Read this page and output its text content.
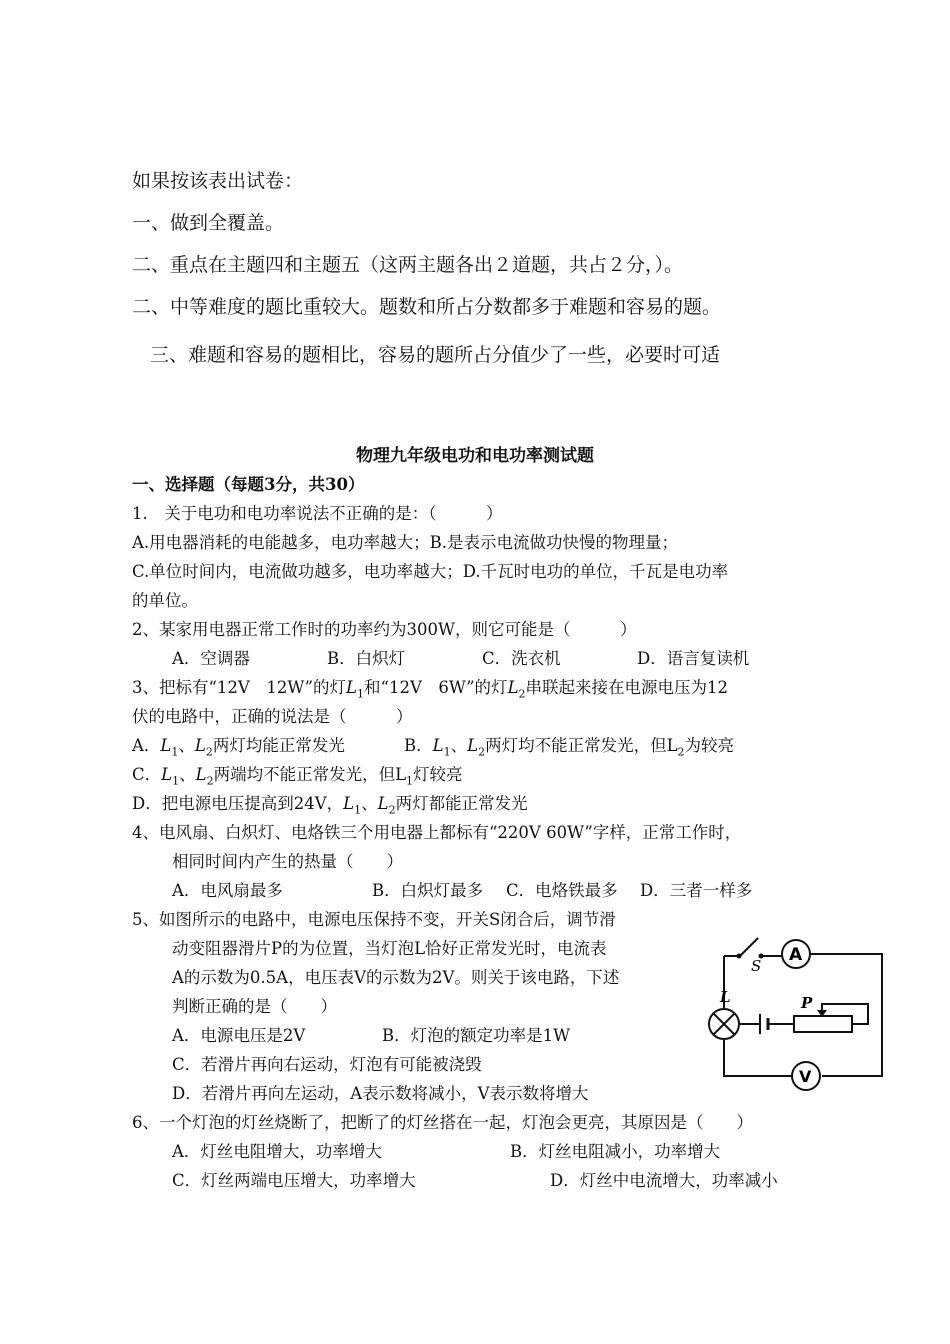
如果按该表出试卷：

一、做到全覆盖。

二、重点在主题四和主题五（这两主题各出２道题，共占２分，）。

二、中等难度的题比重较大。题数和所占分数都多于难题和容易的题。

三、难题和容易的题相比，容易的题所占分值少了一些，必要时可适

物理九年级电功和电功率测试题
一、选择题（每题3分，共30）
1.　关于电功和电功率说法不正确的是：（　　　）
A.用电器消耗的电能越多，电功率越大；B.是表示电流做功快慢的物理量；
C.单位时间内，电流做功越多，电功率越大；D.千瓦时电功的单位，千瓦是电功率
的单位。
2、某家用电器正常工作时的功率约为300W，则它可能是（　　　）
A．空调器	B．白炽灯	C．洗衣机	D．语言复读机
3、把标有“12V　12W”的灯$L_1$和“12V　6W”的灯$L_2$串联起来接在电源电压为12
伏的电路中，正确的说法是（　　　）
A．$L_1$、$L_2$两灯均能正常发光	B．$L_1$、$L_2$两灯均不能正常发光，但$L_2$为较亮
C．$L_1$、$L_2$两端均不能正常发光，但$L_1$灯较亮
D．把电源电压提高到24V，$L_1$、$L_2$两灯都能正常发光
4、电风扇、白炽灯、电烙铁三个用电器上都标有“220V 60W”字样，正常工作时，
相同时间内产生的热量（　　）
A．电风扇最多	B．白炽灯最多 C．电烙铁最多 D．三者一样多
5、如图所示的电路中，电源电压保持不变，开关S闭合后，调节滑
动变阻器滑片P的为位置，当灯泡L恰好正常发光时，电流表
A的示数为0.5A，电压表V的示数为2V。则关于该电路，下述
判断正确的是（　　）
A．电源电压是2V	B．灯泡的额定功率是1W
C．若滑片再向右运动，灯泡有可能被浇毁
D．若滑片再向左运动，A表示数将减小，V表示数将增大
6、一个灯泡的灯丝烧断了，把断了的灯丝搭在一起，灯泡会更亮，其原因是（　　）
A．灯丝电阻增大，功率增大	B．灯丝电阻减小，功率增大
C．灯丝两端电压增大，功率增大	D．灯丝中电流增大，功率减小
S
A
L	P
V
